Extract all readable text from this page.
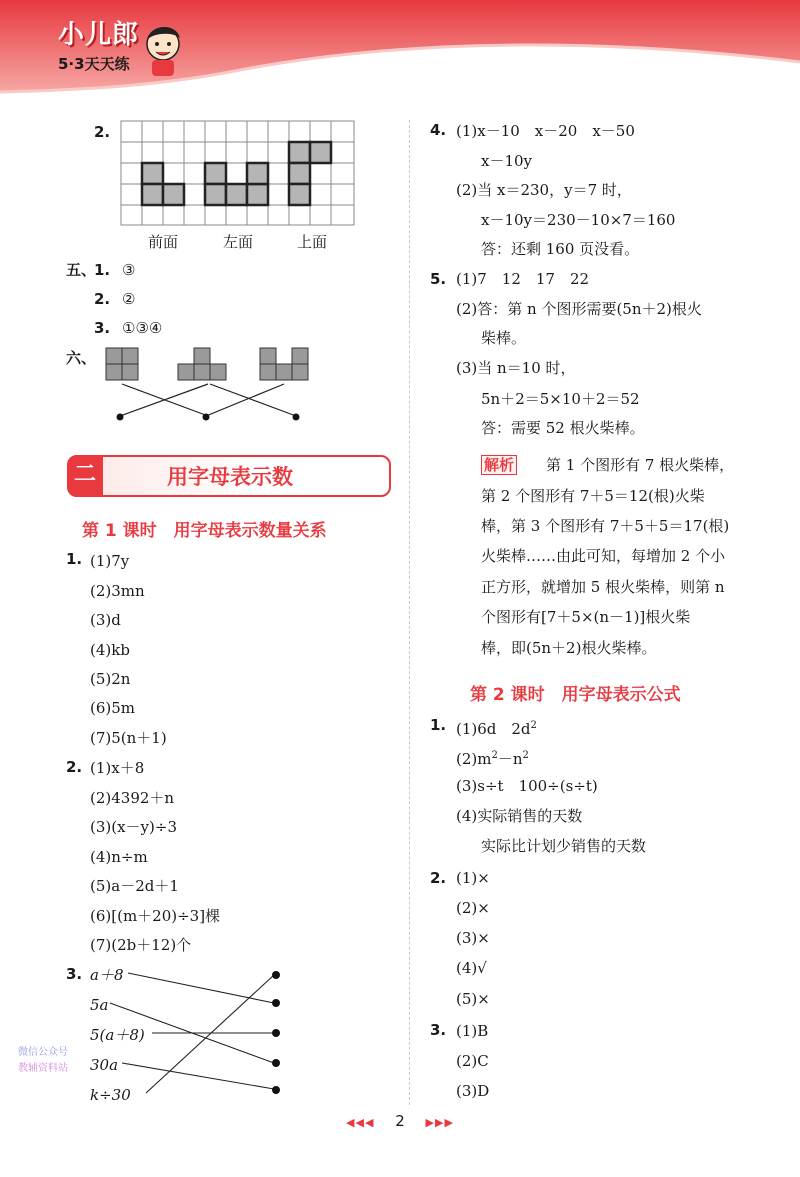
小儿郎
5·3天天练
2.
前面	左面	上面
五、
1. ③
2. ②
3. ①③④
六、
二	用字母表示数
第 1 课时　用字母表示数量关系
1. (1)7y
(2)3mn
(3)d
(4)kb
(5)2n
(6)5m
(7)5(n＋1)
2. (1)x＋8
(2)4392＋n
(3)(x－y)÷3
(4)n÷m
(5)a－2d＋1
(6)[(m＋20)÷3]棵
(7)(2b＋12)个
3. a＋8
5a
5(a＋8)
30a
k÷30
微信公众号
教辅资料站
4. (1)x－10　x－20　x－50
x－10y
(2)当 x＝230，y＝7 时，
x－10y＝230－10×7＝160
答：还剩 160 页没看。
5. (1)7　12　17　22
(2)答：第 n 个图形需要(5n＋2)根火
柴棒。
(3)当 n＝10 时，
5n＋2＝5×10＋2＝52
答：需要 52 根火柴棒。
解析 第 1 个图形有 7 根火柴棒，
第 2 个图形有 7＋5＝12(根)火柴
棒，第 3 个图形有 7＋5＋5＝17(根)
火柴棒……由此可知，每增加 2 个小
正方形，就增加 5 根火柴棒，则第 n
个图形有[7＋5×(n－1)]根火柴
棒，即(5n＋2)根火柴棒。
第 2 课时　用字母表示公式
1. (1)6d　$2d^2$
$(2)m^2-n^2$
(3)s÷t　100÷(s÷t)
(4)实际销售的天数
实际比计划少销售的天数
2. (1)×
(2)×
(3)×
(4)√
(5)×
3. (1)B
(2)C
(3)D
◀◀◀ 2 ▶▶▶
